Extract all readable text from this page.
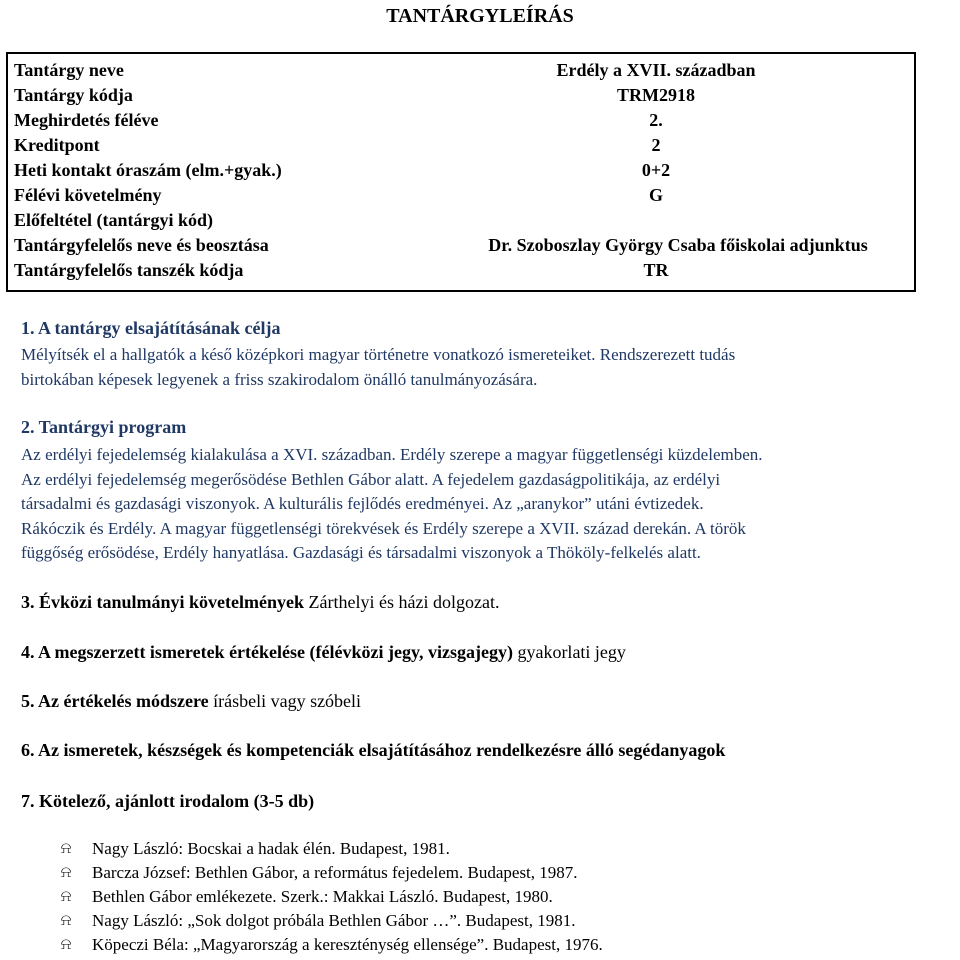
TANTÁRGYLEÍRÁS
Tantárgy neve	Erdély a XVII. században
Tantárgy kódja	TRM2918
Meghirdetés féléve	2.
Kreditpont	2
Heti kontakt óraszám (elm.+gyak.)	0+2
Félévi követelmény	G
Előfeltétel (tantárgyi kód)
Tantárgyfelelős neve és beosztása	Dr. Szoboszlay György Csaba főiskolai adjunktus
Tantárgyfelelős tanszék kódja	TR
1. A tantárgy elsajátításának célja
Mélyítsék el a hallgatók a késő középkori magyar történetre vonatkozó ismereteiket. Rendszerezett tudás
birtokában képesek legyenek a friss szakirodalom önálló tanulmányozására.
2. Tantárgyi program
Az erdélyi fejedelemség kialakulása a XVI. században. Erdély szerepe a magyar függetlenségi küzdelemben.
Az erdélyi fejedelemség megerősödése Bethlen Gábor alatt. A fejedelem gazdaságpolitikája, az erdélyi
társadalmi és gazdasági viszonyok. A kulturális fejlődés eredményei. Az „aranykor” utáni évtizedek.
Rákóczik és Erdély. A magyar függetlenségi törekvések és Erdély szerepe a XVII. század derekán. A török
függőség erősödése, Erdély hanyatlása. Gazdasági és társadalmi viszonyok a Thököly-felkelés alatt.
3. Évközi tanulmányi követelmények Zárthelyi és házi dolgozat.
4. A megszerzett ismeretek értékelése (félévközi jegy, vizsgajegy) gyakorlati jegy
5. Az értékelés módszere írásbeli vagy szóbeli
6. Az ismeretek, készségek és kompetenciák elsajátításához rendelkezésre álló segédanyagok
7. Kötelező, ajánlott irodalom (3-5 db)
⍾	Nagy László: Bocskai a hadak élén. Budapest, 1981.
⍾	Barcza József: Bethlen Gábor, a református fejedelem. Budapest, 1987.
⍾	Bethlen Gábor emlékezete. Szerk.: Makkai László. Budapest, 1980.
⍾	Nagy László: „Sok dolgot próbála Bethlen Gábor …”. Budapest, 1981.
⍾	Köpeczi Béla: „Magyarország a kereszténység ellensége”. Budapest, 1976.
